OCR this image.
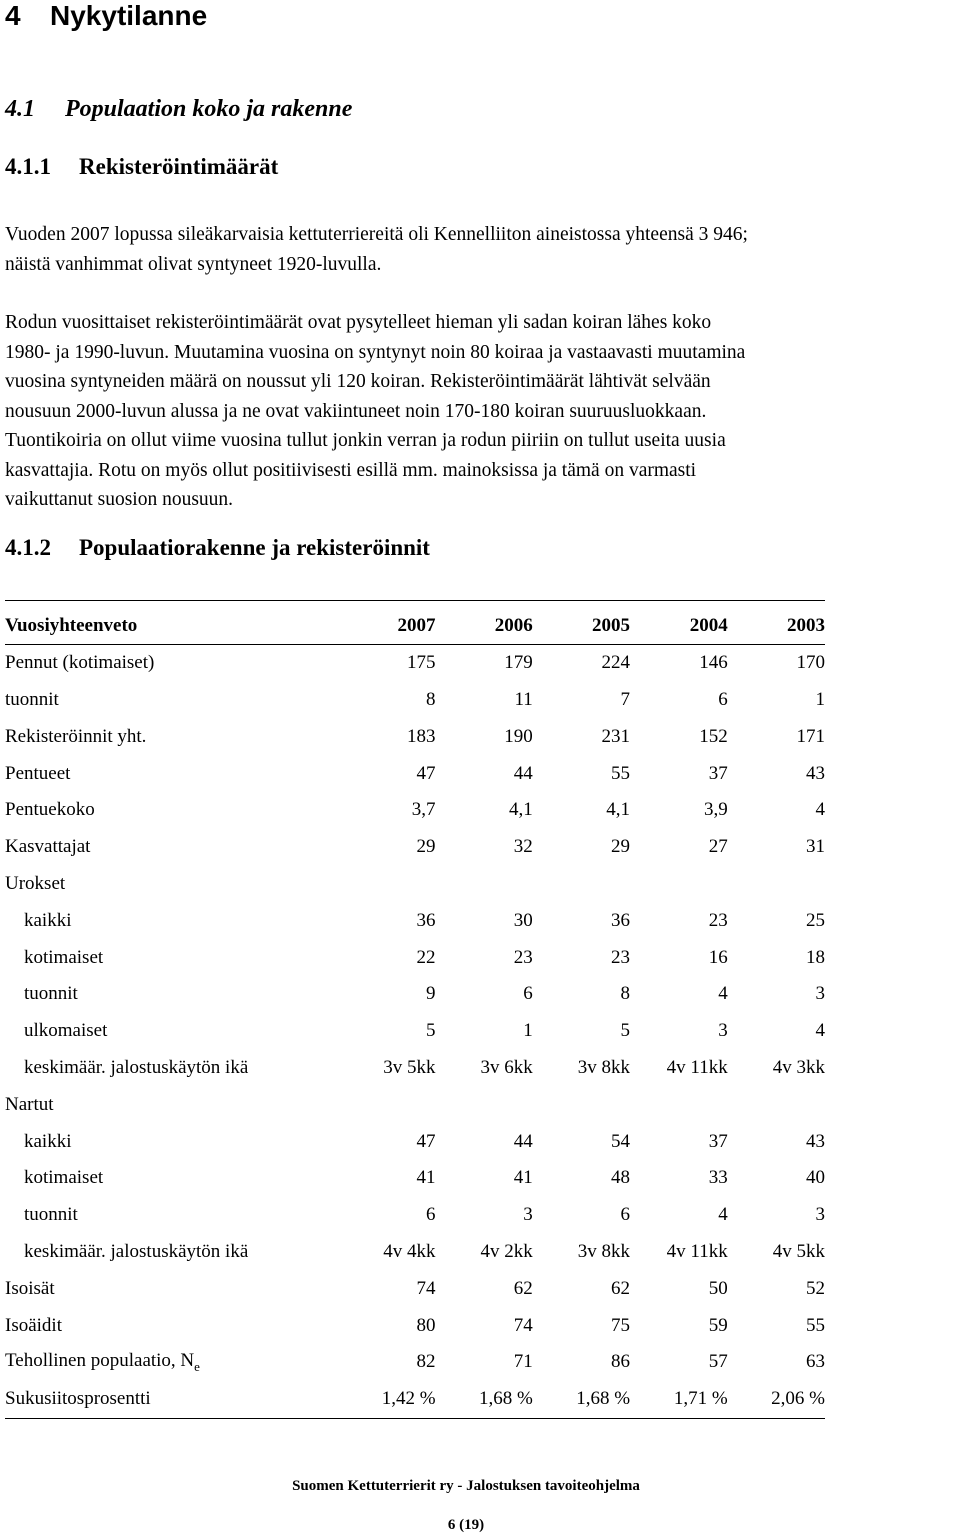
4 Nykytilanne
4.1 Populaation koko ja rakenne
4.1.1 Rekisteröintimäärät
Vuoden 2007 lopussa sileäkarvaisia kettuterriereitä oli Kennelliiton aineistossa yhteensä 3 946;
näistä vanhimmat olivat syntyneet 1920-luvulla.
Rodun vuosittaiset rekisteröintimäärät ovat pysytelleet hieman yli sadan koiran lähes koko
1980- ja 1990-luvun. Muutamina vuosina on syntynyt noin 80 koiraa ja vastaavasti muutamina
vuosina syntyneiden määrä on noussut yli 120 koiran. Rekisteröintimäärät lähtivät selvään
nousuun 2000-luvun alussa ja ne ovat vakiintuneet noin 170-180 koiran suuruusluokkaan.
Tuontikoiria on ollut viime vuosina tullut jonkin verran ja rodun piiriin on tullut useita uusia
kasvattajia. Rotu on myös ollut positiivisesti esillä mm. mainoksissa ja tämä on varmasti
vaikuttanut suosion nousuun.
4.1.2 Populaatiorakenne ja rekisteröinnit
Vuosiyhteenveto	2007	2006	2005	2004	2003
Pennut (kotimaiset)	175	179	224	146	170
tuonnit	8	11	7	6	1
Rekisteröinnit yht.	183	190	231	152	171
Pentueet	47	44	55	37	43
Pentuekoko	3,7	4,1	4,1	3,9	4
Kasvattajat	29	32	29	27	31
Urokset					
kaikki	36	30	36	23	25
kotimaiset	22	23	23	16	18
tuonnit	9	6	8	4	3
ulkomaiset	5	1	5	3	4
keskimäär. jalostuskäytön ikä	3v 5kk	3v 6kk	3v 8kk	4v 11kk	4v 3kk
Nartut					
kaikki	47	44	54	37	43
kotimaiset	41	41	48	33	40
tuonnit	6	3	6	4	3
keskimäär. jalostuskäytön ikä	4v 4kk	4v 2kk	3v 8kk	4v 11kk	4v 5kk
Isoisät	74	62	62	50	52
Isoäidit	80	74	75	59	55
Tehollinen populaatio, $N_e$	82	71	86	57	63
Sukusiitosprosentti	1,42 %	1,68 %	1,68 %	1,71 %	2,06 %
Suomen Kettuterrierit ry - Jalostuksen tavoiteohjelma
6 (19)
